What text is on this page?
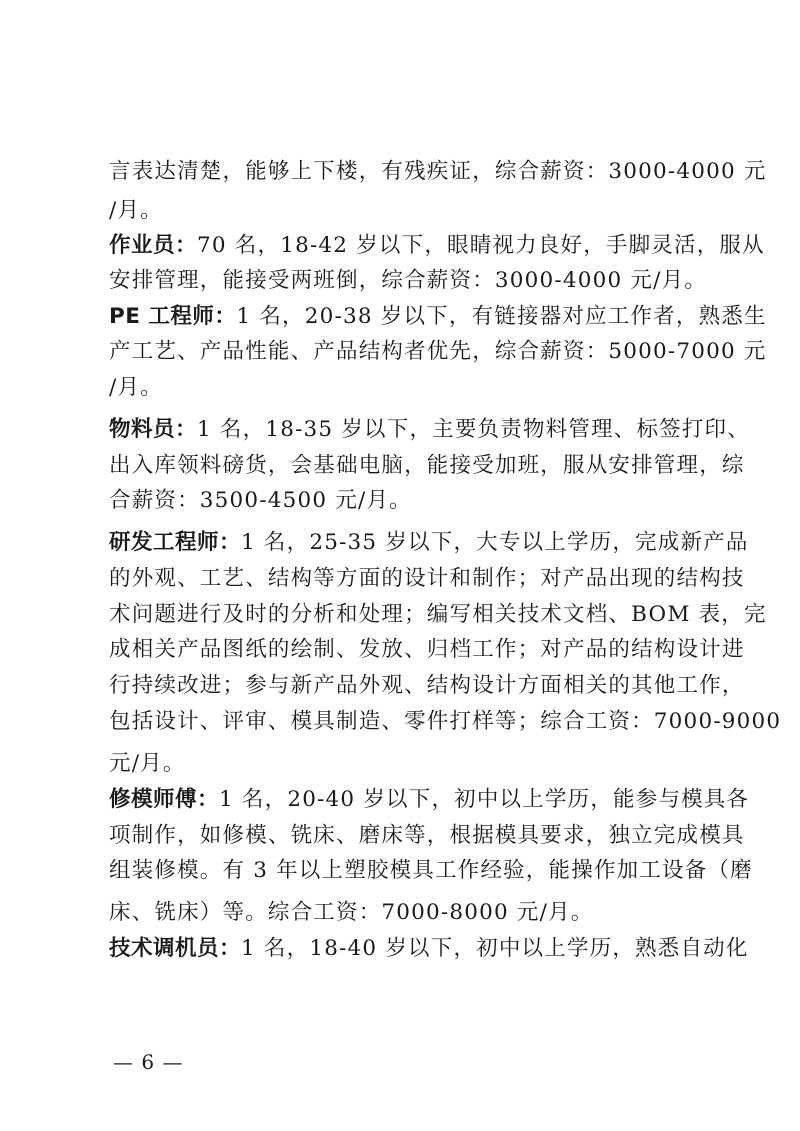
言表达清楚，能够上下楼，有残疾证，综合薪资：3000-4000 元
/月。
作业员：70 名，18-42 岁以下，眼睛视力良好，手脚灵活，服从
安排管理，能接受两班倒，综合薪资：3000-4000 元/月。
PE 工程师：1 名，20-38 岁以下，有链接器对应工作者，熟悉生
产工艺、产品性能、产品结构者优先，综合薪资：5000-7000 元
/月。
物料员：1 名，18-35 岁以下，主要负责物料管理、标签打印、
出入库领料磅货，会基础电脑，能接受加班，服从安排管理，综
合薪资：3500-4500 元/月。
研发工程师：1 名，25-35 岁以下，大专以上学历，完成新产品
的外观、工艺、结构等方面的设计和制作；对产品出现的结构技
术问题进行及时的分析和处理；编写相关技术文档、BOM 表，完
成相关产品图纸的绘制、发放、归档工作；对产品的结构设计进
行持续改进；参与新产品外观、结构设计方面相关的其他工作，
包括设计、评审、模具制造、零件打样等；综合工资：7000-9000
元/月。
修模师傅：1 名，20-40 岁以下，初中以上学历，能参与模具各
项制作，如修模、铣床、磨床等，根据模具要求，独立完成模具
组装修模。有 3 年以上塑胶模具工作经验，能操作加工设备（磨
床、铣床）等。综合工资：7000-8000 元/月。
技术调机员：1 名，18-40 岁以下，初中以上学历，熟悉自动化
— 6 —
